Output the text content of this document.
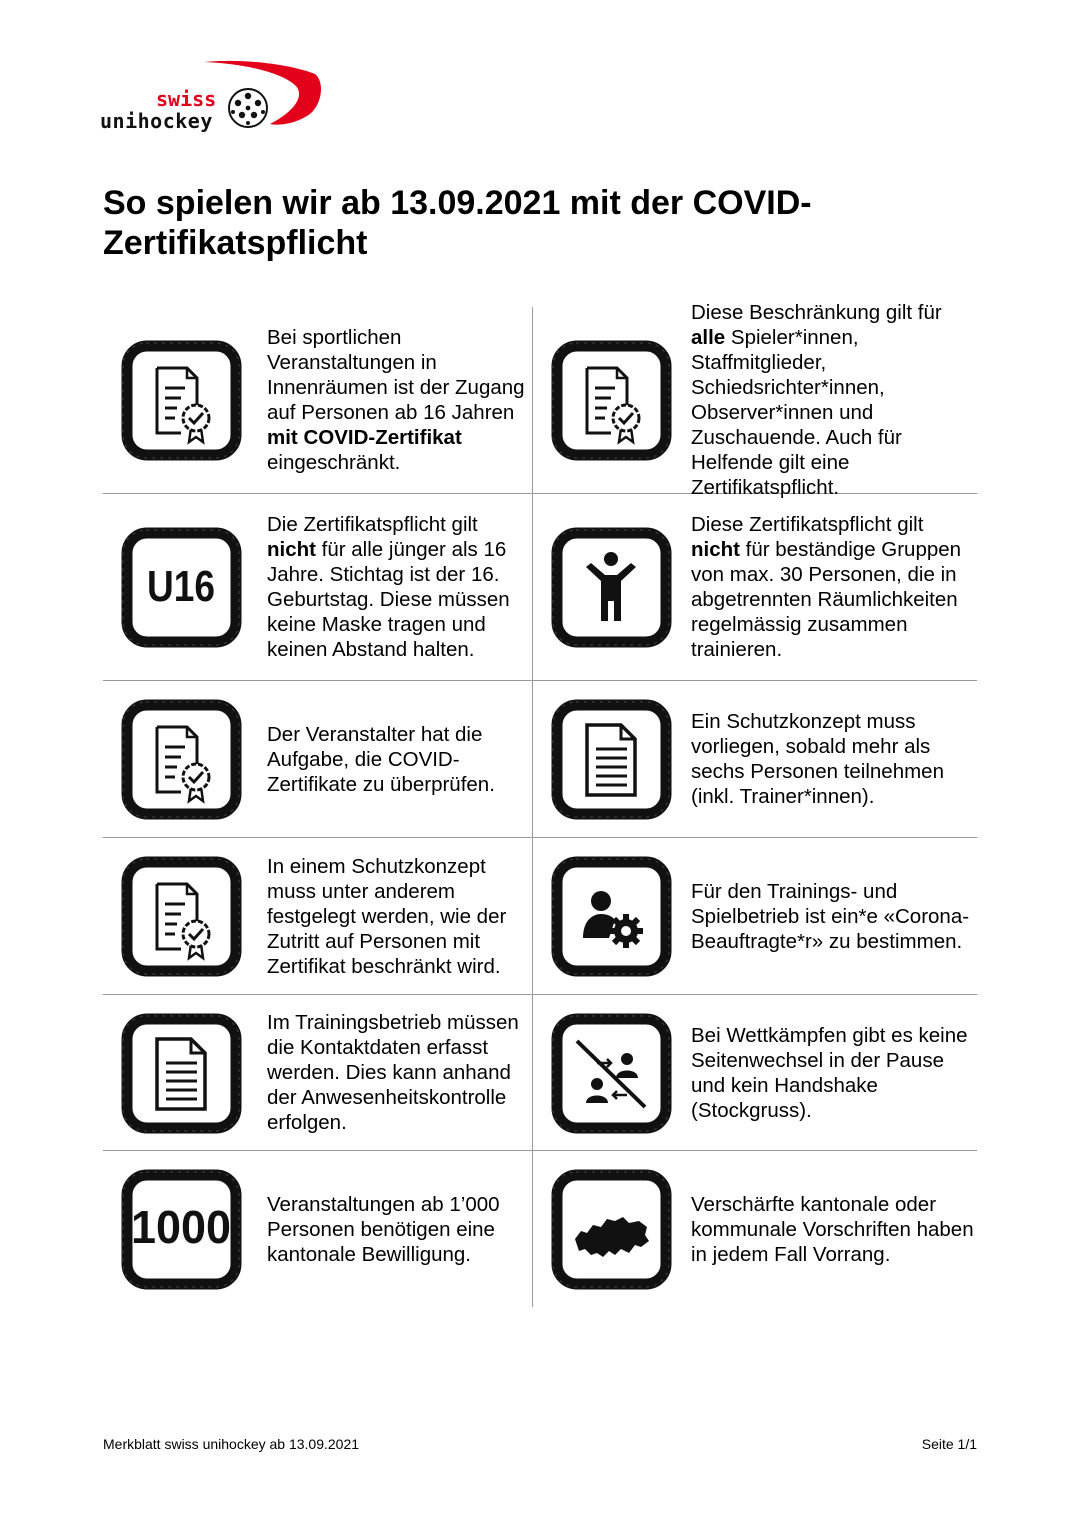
swiss
unihockey
So spielen wir ab 13.09.2021 mit der COVID-Zertifikatspflicht
Bei sportlichen Veranstaltungen in Innenräumen ist der Zugang auf Personen ab 16 Jahren mit COVID-Zertifikat eingeschränkt.
Diese Beschränkung gilt für alle Spieler*innen, Staffmitglieder, Schiedsrichter*innen, Observer*innen und Zuschauende. Auch für Helfende gilt eine Zertifikatspflicht.
U16
Die Zertifikatspflicht gilt nicht für alle jünger als 16 Jahre. Stichtag ist der 16. Geburtstag. Diese müssen keine Maske tragen und keinen Abstand halten.
Diese Zertifikatspflicht gilt nicht für beständige Gruppen von max. 30 Personen, die in abgetrennten Räumlichkeiten regelmässig zusammen trainieren.
Der Veranstalter hat die Aufgabe, die COVID-Zertifikate zu überprüfen.
Ein Schutzkonzept muss vorliegen, sobald mehr als sechs Personen teilnehmen (inkl. Trainer*innen).
In einem Schutzkonzept muss unter anderem festgelegt werden, wie der Zutritt auf Personen mit Zertifikat beschränkt wird.
Für den Trainings- und Spielbetrieb ist ein*e «Corona-Beauftragte*r» zu bestimmen.
Im Trainingsbetrieb müssen die Kontaktdaten erfasst werden. Dies kann anhand der Anwesenheitskontrolle erfolgen.
Bei Wettkämpfen gibt es keine Seitenwechsel in der Pause und kein Handshake (Stockgruss).
1000 Veranstaltungen ab 1’000 Personen benötigen eine kantonale Bewilligung.
Verschärfte kantonale oder kommunale Vorschriften haben in jedem Fall Vorrang.
Merkblatt swiss unihockey ab 13.09.2021	Seite 1/1
